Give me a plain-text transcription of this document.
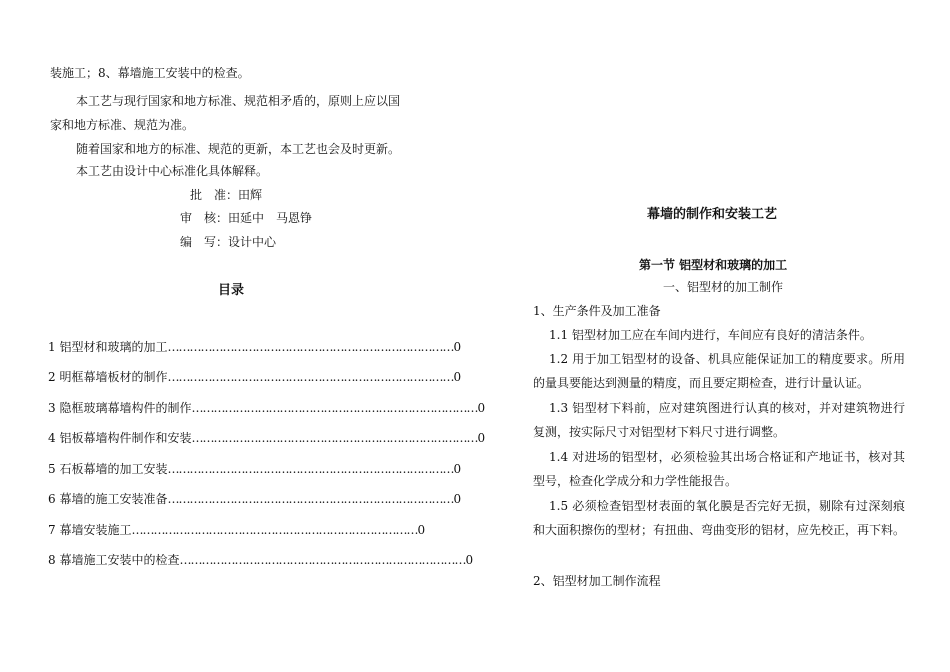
装施工；8、幕墙施工安装中的检查。
本工艺与现行国家和地方标准、规范相矛盾的，原则上应以国
家和地方标准、规范为准。
随着国家和地方的标准、规范的更新，本工艺也会及时更新。
本工艺由设计中心标准化具体解释。
批　准：田辉
审　核：田延中　马恩铮
编　写：设计中心
目录
1 铝型材和玻璃的加工 …………………………………………………………………… 0
2 明框幕墙板材的制作 …………………………………………………………………… 0
3 隐框玻璃幕墙构件的制作 …………………………………………………………………… 0
4 铝板幕墙构件制作和安装 …………………………………………………………………… 0
5 石板幕墙的加工安装 …………………………………………………………………… 0
6 幕墙的施工安装准备 …………………………………………………………………… 0
7 幕墙安装施工 …………………………………………………………………… 0
8 幕墙施工安装中的检查 …………………………………………………………………… 0
幕墙的制作和安装工艺
第一节 铝型材和玻璃的加工
一、铝型材的加工制作
1、生产条件及加工准备
1.1 铝型材加工应在车间内进行，车间应有良好的清洁条件。
1.2 用于加工铝型材的设备、机具应能保证加工的精度要求。所用的量具要能达到测量的精度，而且要定期检查，进行计量认证。
1.3 铝型材下料前，应对建筑图进行认真的核对，并对建筑物进行复测，按实际尺寸对铝型材下料尺寸进行调整。
1.4 对进场的铝型材，必须检验其出场合格证和产地证书，核对其型号，检查化学成分和力学性能报告。
1.5 必须检查铝型材表面的氧化膜是否完好无损，剔除有过深刻痕和大面积擦伤的型材；有扭曲、弯曲变形的铝材，应先校正，再下料。
2、铝型材加工制作流程
